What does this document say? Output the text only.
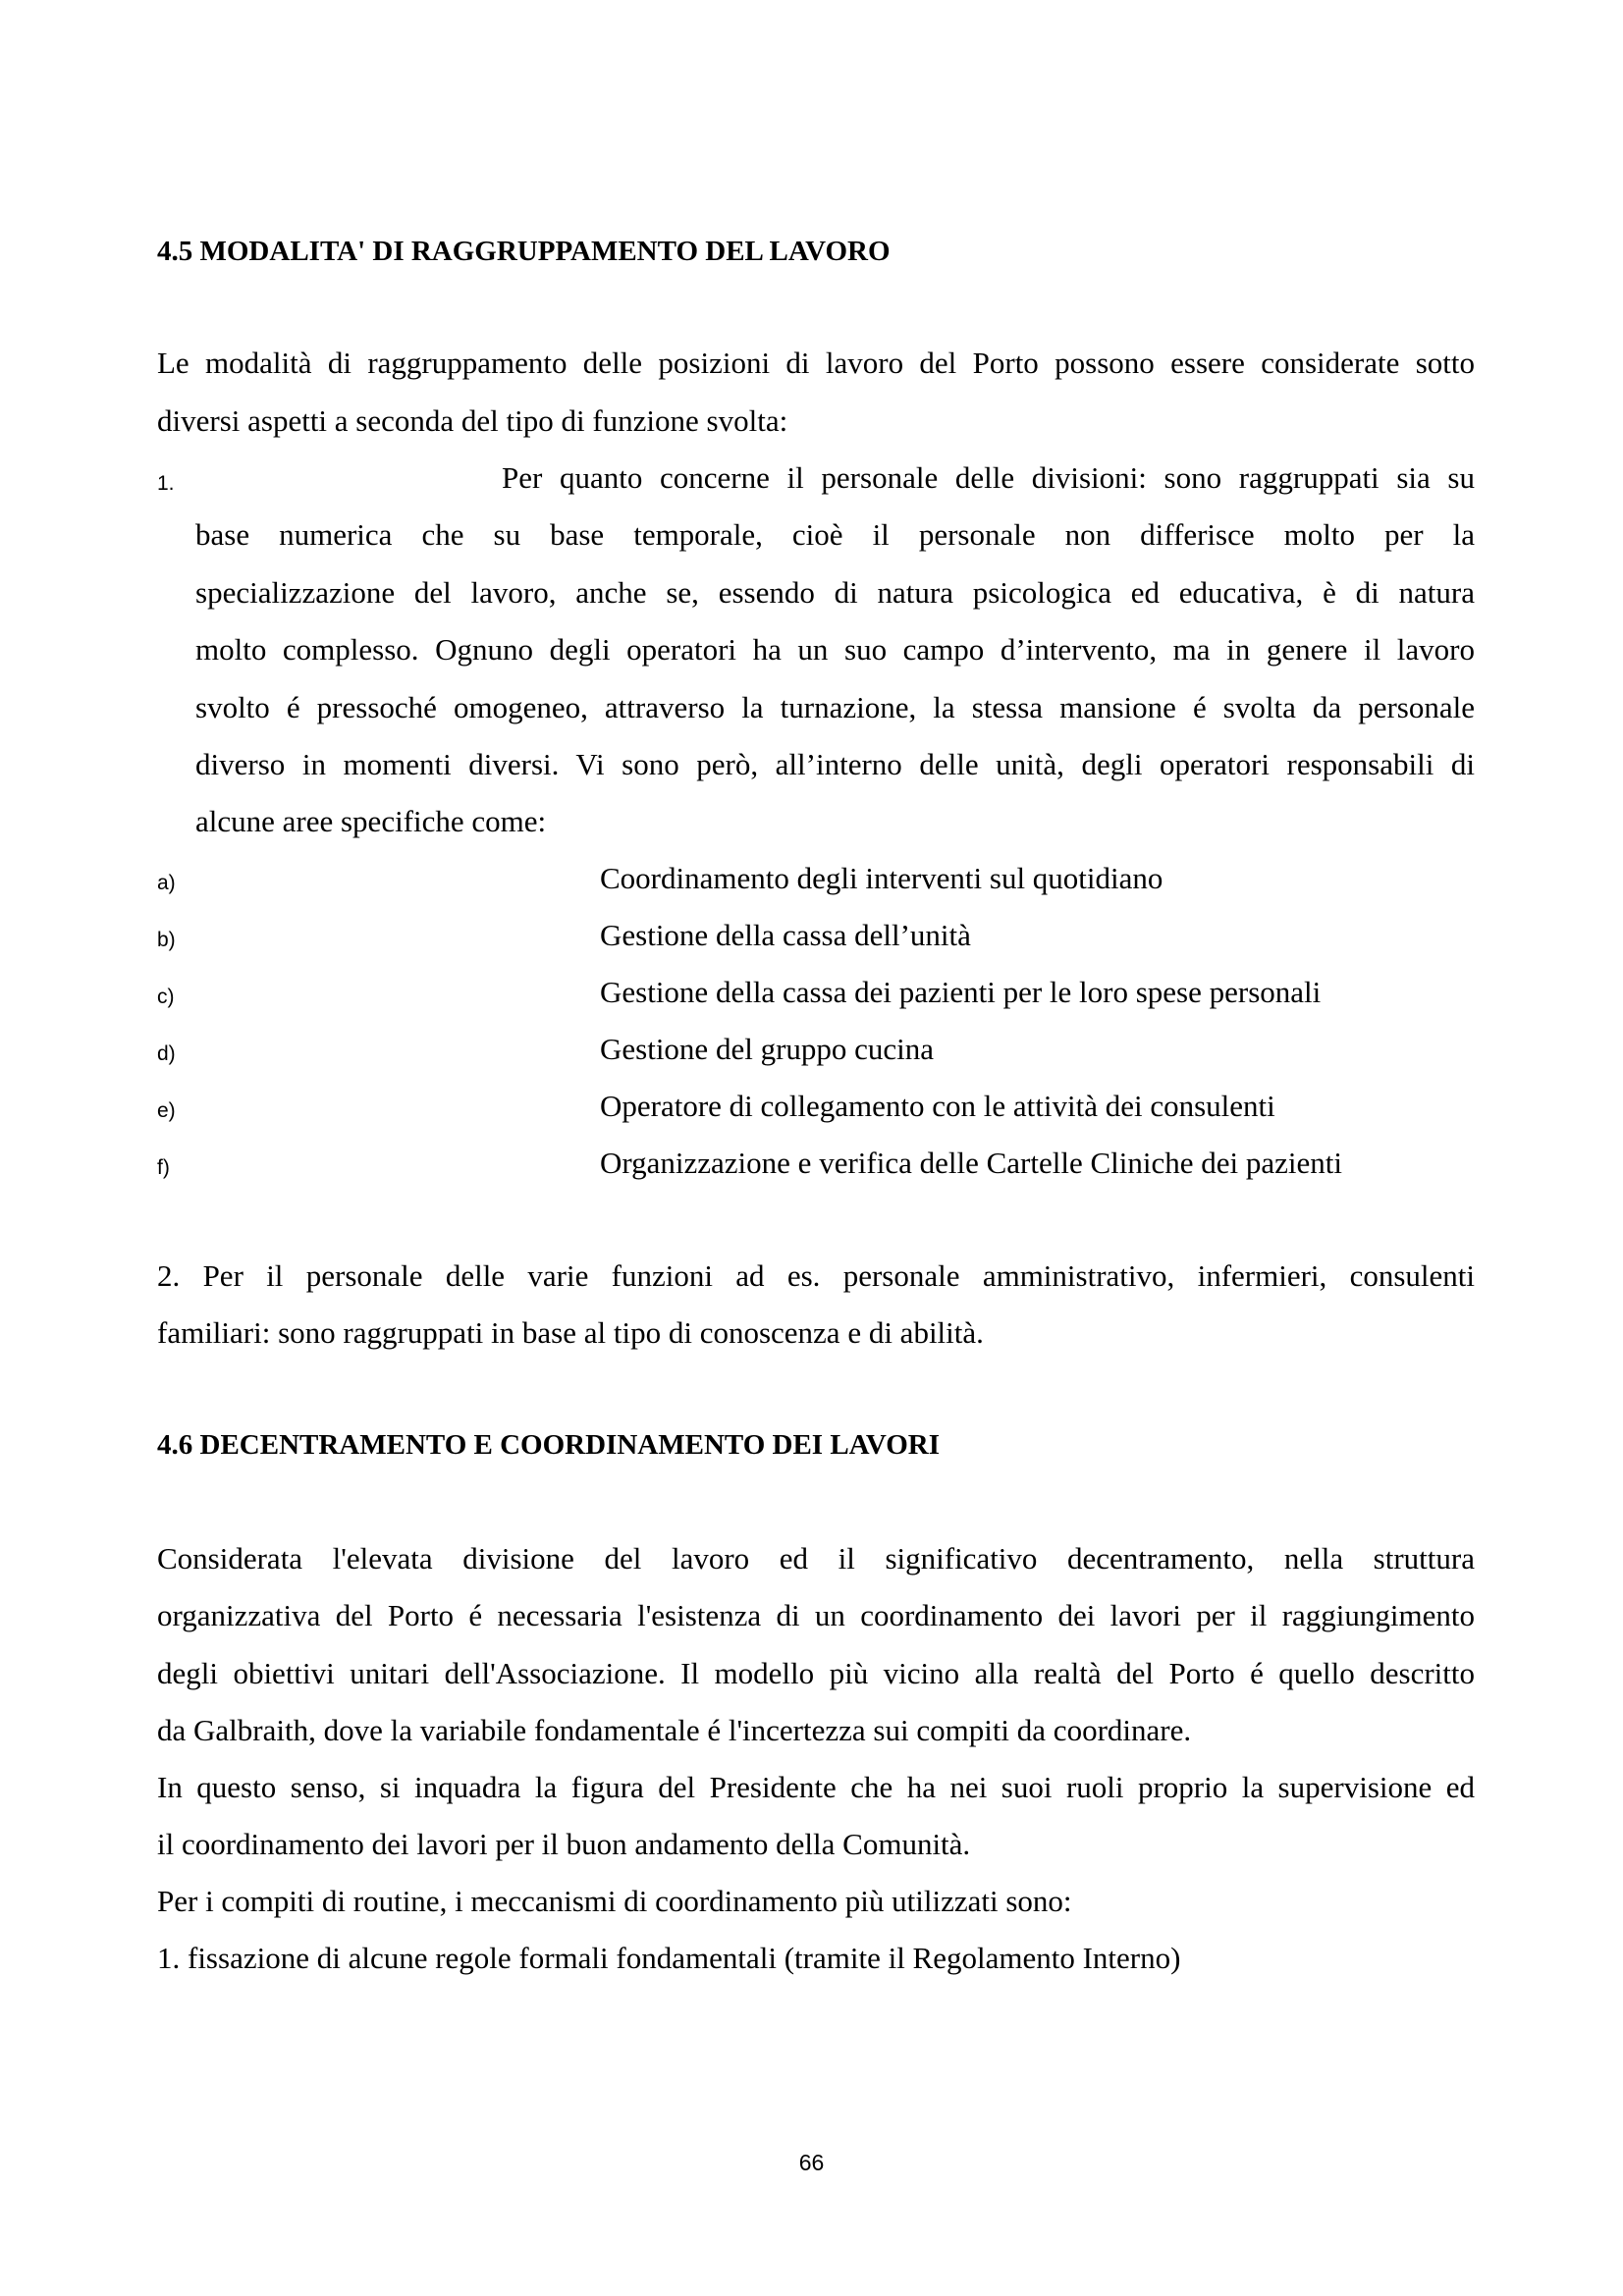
4.5 MODALITA' DI RAGGRUPPAMENTO DEL LAVORO
Le modalità di raggruppamento delle posizioni di lavoro del Porto possono essere considerate sotto
diversi aspetti a seconda del tipo di funzione svolta:
1.	Per quanto concerne il personale delle divisioni: sono raggruppati sia su
base numerica che su base temporale, cioè il personale non differisce molto per la
specializzazione del lavoro, anche se, essendo di natura psicologica ed educativa, è di natura
molto complesso. Ognuno degli operatori ha un suo campo d’intervento, ma in genere il lavoro
svolto é pressoché omogeneo, attraverso la turnazione, la stessa mansione é svolta da personale
diverso in momenti diversi. Vi sono però, all’interno delle unità, degli operatori responsabili di
alcune aree specifiche come:
a)	Coordinamento degli interventi sul quotidiano
b)	Gestione della cassa dell’unità
c)	Gestione della cassa dei pazienti per le loro spese personali
d)	Gestione del gruppo cucina
e)	Operatore di collegamento con le attività dei consulenti
f)	Organizzazione e verifica delle Cartelle Cliniche dei pazienti
2. Per il personale delle varie funzioni ad es. personale amministrativo, infermieri, consulenti
familiari: sono raggruppati in base al tipo di conoscenza e di abilità.
4.6 DECENTRAMENTO E COORDINAMENTO DEI LAVORI
Considerata l'elevata divisione del lavoro ed il significativo decentramento, nella struttura
organizzativa del Porto é necessaria l'esistenza di un coordinamento dei lavori per il raggiungimento
degli obiettivi unitari dell'Associazione. Il modello più vicino alla realtà del Porto é quello descritto
da Galbraith, dove la variabile fondamentale é l'incertezza sui compiti da coordinare.
In questo senso, si inquadra la figura del Presidente che ha nei suoi ruoli proprio la supervisione ed
il coordinamento dei lavori per il buon andamento della Comunità.
Per i compiti di routine, i meccanismi di coordinamento più utilizzati sono:
1. fissazione di alcune regole formali fondamentali (tramite il Regolamento Interno)
66
